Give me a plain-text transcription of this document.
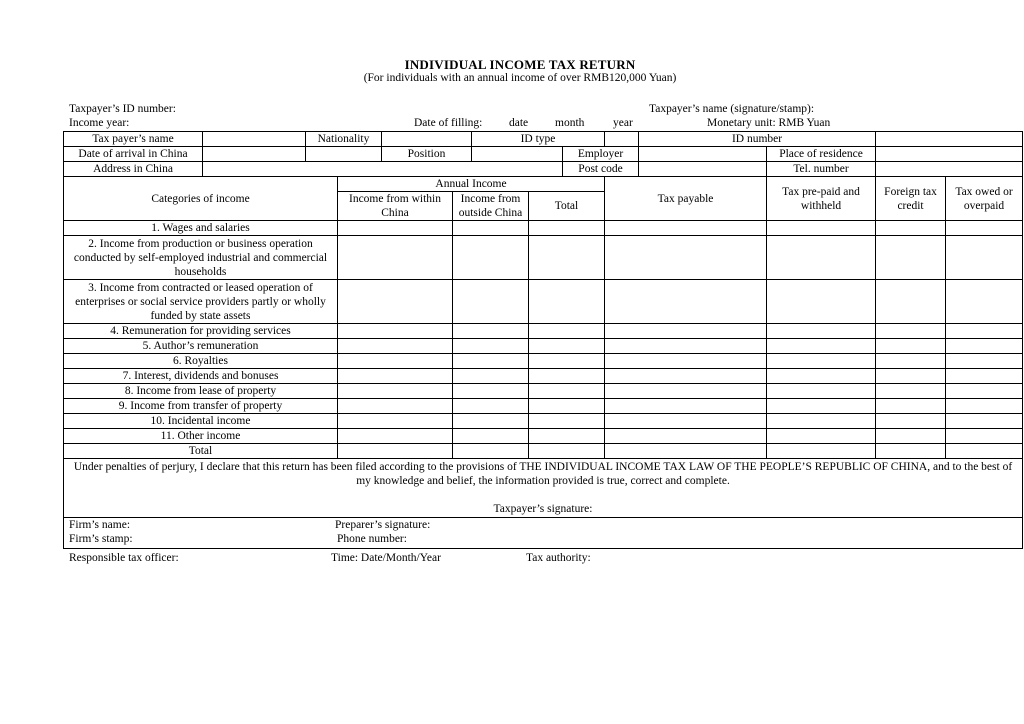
INDIVIDUAL INCOME TAX RETURN
(For individuals with an annual income of over RMB120,000 Yuan)
Taxpayer’s ID number:	Taxpayer’s name (signature/stamp):
Income year:	Date of filling: date month year	Monetary unit: RMB Yuan
Tax payer’s name		Nationality				ID type				ID number			
Date of arrival in China				Position				Employer			Place of residence		
Address in China								Post code			Tel. number		
Categories of income			Annual Income						Tax payable		Tax pre-paid and withheld	Foreign tax credit	Tax owed or overpaid
			Income from within China		Income from outside China		Total						
1. Wages and salaries													
2. Income from production or business operation conducted by self-employed industrial and commercial households													
3. Income from contracted or leased operation of enterprises or social service providers partly or wholly funded by state assets													
4. Remuneration for providing services													
5. Author’s remuneration													
6. Royalties													
7. Interest, dividends and bonuses													
8. Income from lease of property													
9. Income from transfer of property													
10. Incidental income													
11. Other income													
Total													
Under penalties of perjury, I declare that this return has been filed according to the provisions of THE INDIVIDUAL INCOME TAX LAW OF THE PEOPLE’S REPUBLIC OF CHINA, and to the best of my knowledge and belief, the information provided is true, correct and complete.
Taxpayer’s signature:													

Firm’s name: Preparer’s signature:
Firm’s stamp: Phone number:													
Responsible tax officer:	Time: Date/Month/Year	Tax authority:
